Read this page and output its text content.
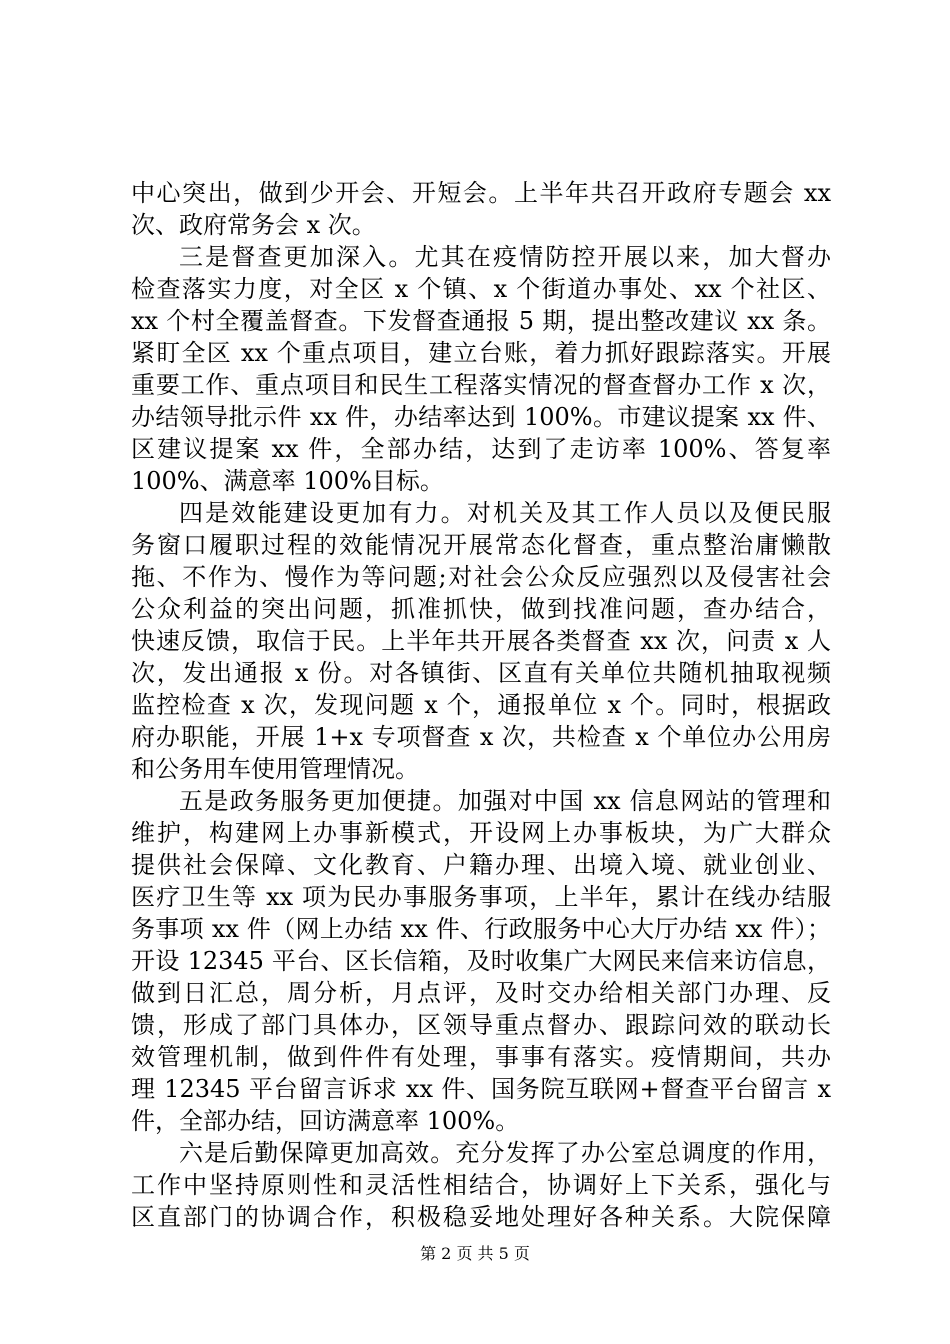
中心突出，做到少开会、开短会。上半年共召开政府专题会 xx
次、政府常务会 x 次。
三是督查更加深入。尤其在疫情防控开展以来，加大督办
检查落实力度，对全区 x 个镇、x 个街道办事处、xx 个社区、
xx 个村全覆盖督查。下发督查通报 5 期，提出整改建议 xx 条。
紧盯全区 xx 个重点项目，建立台账，着力抓好跟踪落实。开展
重要工作、重点项目和民生工程落实情况的督查督办工作 x 次，
办结领导批示件 xx 件，办结率达到 100%。市建议提案 xx 件、
区建议提案 xx 件，全部办结，达到了走访率 100%、答复率
100%、满意率 100%目标。
四是效能建设更加有力。对机关及其工作人员以及便民服
务窗口履职过程的效能情况开展常态化督查，重点整治庸懒散
拖、不作为、慢作为等问题;对社会公众反应强烈以及侵害社会
公众利益的突出问题，抓准抓快，做到找准问题，查办结合，
快速反馈，取信于民。上半年共开展各类督查 xx 次，问责 x 人
次，发出通报 x 份。对各镇街、区直有关单位共随机抽取视频
监控检查 x 次，发现问题 x 个，通报单位 x 个。同时，根据政
府办职能，开展 1+x 专项督查 x 次，共检查 x 个单位办公用房
和公务用车使用管理情况。
五是政务服务更加便捷。加强对中国 xx 信息网站的管理和
维护，构建网上办事新模式，开设网上办事板块，为广大群众
提供社会保障、文化教育、户籍办理、出境入境、就业创业、
医疗卫生等 xx 项为民办事服务事项，上半年，累计在线办结服
务事项 xx 件（网上办结 xx 件、行政服务中心大厅办结 xx 件）；
开设 12345 平台、区长信箱，及时收集广大网民来信来访信息，
做到日汇总，周分析，月点评，及时交办给相关部门办理、反
馈，形成了部门具体办，区领导重点督办、跟踪问效的联动长
效管理机制，做到件件有处理，事事有落实。疫情期间，共办
理 12345 平台留言诉求 xx 件、国务院互联网+督查平台留言 x
件，全部办结，回访满意率 100%。
六是后勤保障更加高效。充分发挥了办公室总调度的作用，
工作中坚持原则性和灵活性相结合，协调好上下关系，强化与
区直部门的协调合作，积极稳妥地处理好各种关系。大院保障
第 2 页 共 5 页
